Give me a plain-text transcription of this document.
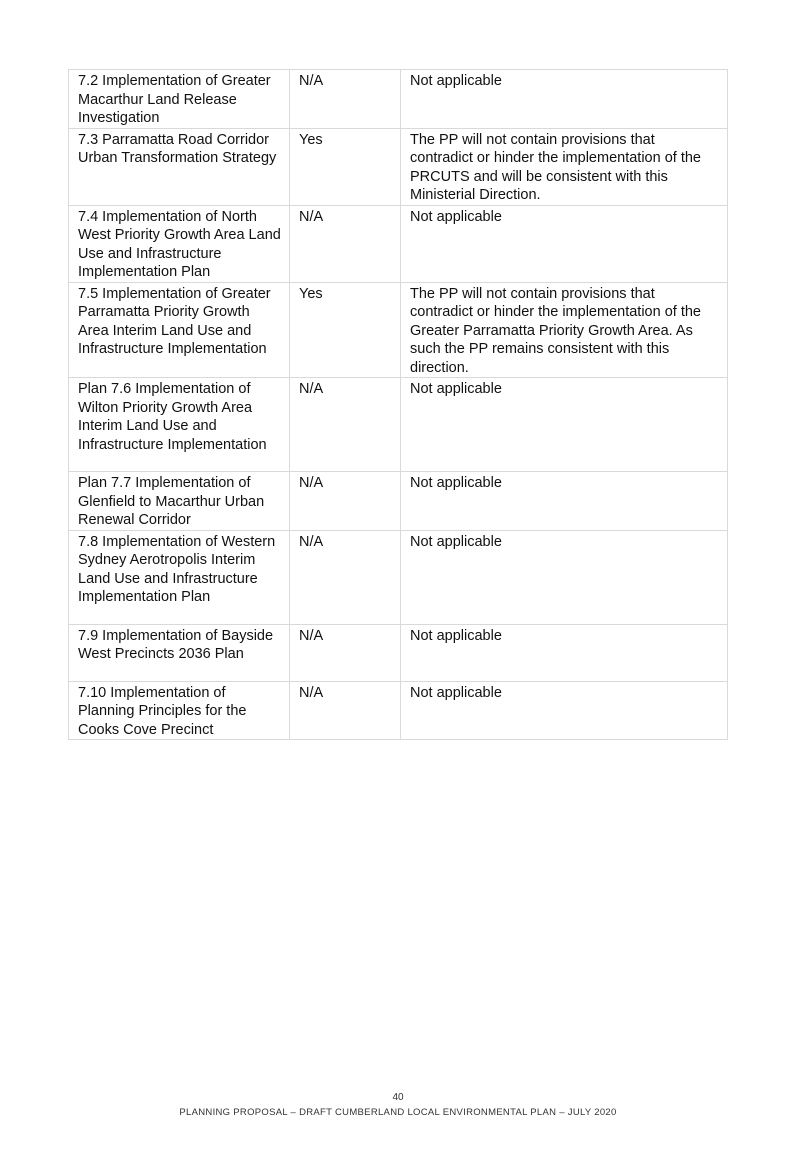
7.2 Implementation of Greater Macarthur Land Release Investigation	N/A	Not applicable
7.3 Parramatta Road Corridor Urban Transformation Strategy	Yes	The PP will not contain provisions that contradict or hinder the implementation of the PRCUTS and will be consistent with this Ministerial Direction.
7.4 Implementation of North West Priority Growth Area Land Use and Infrastructure Implementation Plan	N/A	Not applicable
7.5 Implementation of Greater Parramatta Priority Growth Area Interim Land Use and Infrastructure Implementation	Yes	The PP will not contain provisions that contradict or hinder the implementation of the Greater Parramatta Priority Growth Area. As such the PP remains consistent with this direction.
Plan 7.6 Implementation of Wilton Priority Growth Area Interim Land Use and Infrastructure Implementation	N/A	Not applicable
Plan 7.7 Implementation of Glenfield to Macarthur Urban Renewal Corridor	N/A	Not applicable
7.8 Implementation of Western Sydney Aerotropolis Interim Land Use and Infrastructure Implementation Plan	N/A	Not applicable
7.9 Implementation of Bayside West Precincts 2036 Plan	N/A	Not applicable
7.10 Implementation of Planning Principles for the Cooks Cove Precinct	N/A	Not applicable
40
PLANNING PROPOSAL – DRAFT CUMBERLAND LOCAL ENVIRONMENTAL PLAN – JULY 2020
